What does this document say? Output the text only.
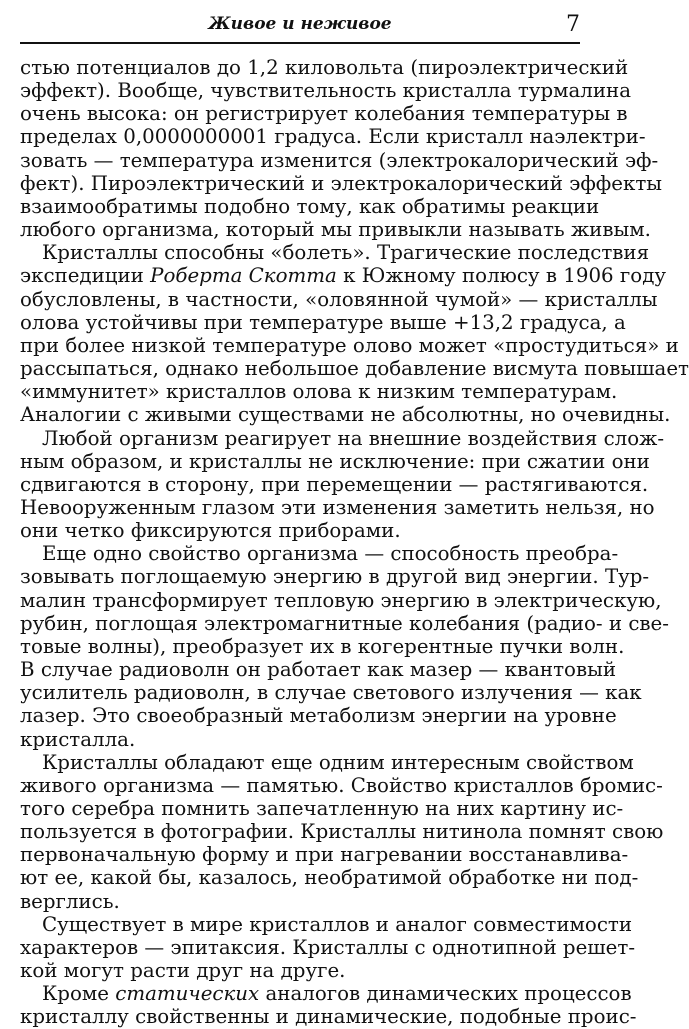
Живое и неживое	7
стью потенциалов до 1,2 киловольта (пироэлектрический
эффект). Вообще, чувствительность кристалла турмалина
очень высока: он регистрирует колебания температуры в
пределах 0,0000000001 градуса. Если кристалл наэлектри-
зовать — температура изменится (электрокалорический эф-
фект). Пироэлектрический и электрокалорический эффекты
взаимообратимы подобно тому, как обратимы реакции
любого организма, который мы привыкли называть живым.
Кристаллы способны «болеть». Трагические последствия
экспедиции Роберта Скотта к Южному полюсу в 1906 году
обусловлены, в частности, «оловянной чумой» — кристаллы
олова устойчивы при температуре выше +13,2 градуса, а
при более низкой температуре олово может «простудиться» и
рассыпаться, однако небольшое добавление висмута повышает
«иммунитет» кристаллов олова к низким температурам.
Аналогии с живыми существами не абсолютны, но очевидны.
Любой организм реагирует на внешние воздействия слож-
ным образом, и кристаллы не исключение: при сжатии они
сдвигаются в сторону, при перемещении — растягиваются.
Невооруженным глазом эти изменения заметить нельзя, но
они четко фиксируются приборами.
Еще одно свойство организма — способность преобра-
зовывать поглощаемую энергию в другой вид энергии. Тур-
малин трансформирует тепловую энергию в электрическую,
рубин, поглощая электромагнитные колебания (радио- и све-
товые волны), преобразует их в когерентные пучки волн.
В случае радиоволн он работает как мазер — квантовый
усилитель радиоволн, в случае светового излучения — как
лазер. Это своеобразный метаболизм энергии на уровне
кристалла.
Кристаллы обладают еще одним интересным свойством
живого организма — памятью. Свойство кристаллов бромис-
того серебра помнить запечатленную на них картину ис-
пользуется в фотографии. Кристаллы нитинола помнят свою
первоначальную форму и при нагревании восстанавлива-
ют ее, какой бы, казалось, необратимой обработке ни под-
верглись.
Существует в мире кристаллов и аналог совместимости
характеров — эпитаксия. Кристаллы с однотипной решет-
кой могут расти друг на друге.
Кроме статических аналогов динамических процессов
кристаллу свойственны и динамические, подобные проис-
